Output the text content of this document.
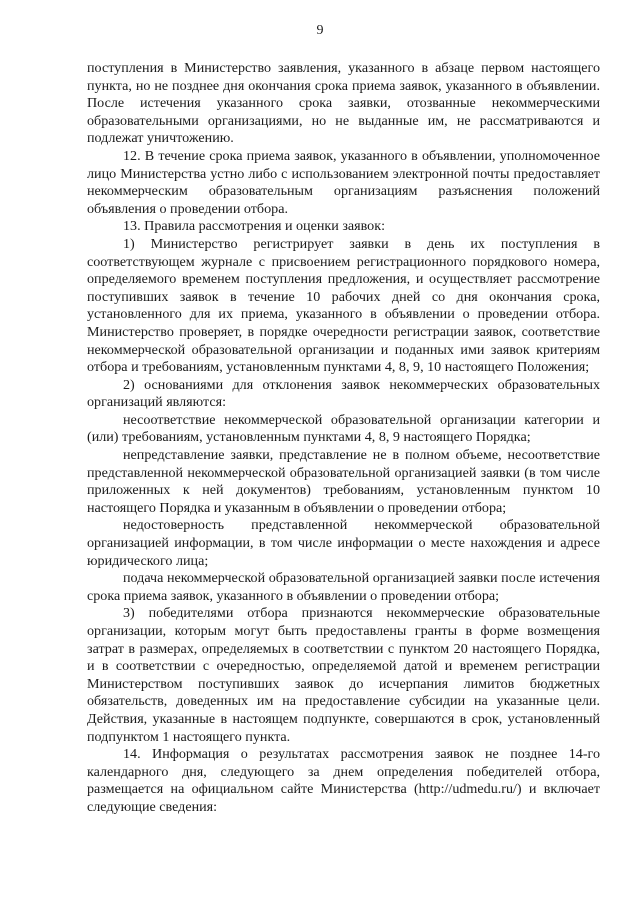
9

поступления в Министерство заявления, указанного в абзаце первом настоящего пункта, но не позднее дня окончания срока приема заявок, указанного в объявлении. После истечения указанного срока заявки, отозванные некоммерческими образовательными организациями, но не выданные им, не рассматриваются и подлежат уничтожению.

12. В течение срока приема заявок, указанного в объявлении, уполномоченное лицо Министерства устно либо с использованием электронной почты предоставляет некоммерческим образовательным организациям разъяснения положений объявления о проведении отбора.

13. Правила рассмотрения и оценки заявок:

1) Министерство регистрирует заявки в день их поступления в соответствующем журнале с присвоением регистрационного порядкового номера, определяемого временем поступления предложения, и осуществляет рассмотрение поступивших заявок в течение 10 рабочих дней со дня окончания срока, установленного для их приема, указанного в объявлении о проведении отбора. Министерство проверяет, в порядке очередности регистрации заявок, соответствие некоммерческой образовательной организации и поданных ими заявок критериям отбора и требованиям, установленным пунктами 4, 8, 9, 10 настоящего Положения;

2) основаниями для отклонения заявок некоммерческих образовательных организаций являются:

несоответствие некоммерческой образовательной организации категории и (или) требованиям, установленным пунктами 4, 8, 9 настоящего Порядка;

непредставление заявки, представление не в полном объеме, несоответствие представленной некоммерческой образовательной организацией заявки (в том числе приложенных к ней документов) требованиям, установленным пунктом 10 настоящего Порядка и указанным в объявлении о проведении отбора;

недостоверность представленной некоммерческой образовательной организацией информации, в том числе информации о месте нахождения и адресе юридического лица;

подача некоммерческой образовательной организацией заявки после истечения срока приема заявок, указанного в объявлении о проведении отбора;

3) победителями отбора признаются некоммерческие образовательные организации, которым могут быть предоставлены гранты в форме возмещения затрат в размерах, определяемых в соответствии с пунктом 20 настоящего Порядка, и в соответствии с очередностью, определяемой датой и временем регистрации Министерством поступивших заявок до исчерпания лимитов бюджетных обязательств, доведенных им на предоставление субсидии на указанные цели. Действия, указанные в настоящем подпункте, совершаются в срок, установленный подпунктом 1 настоящего пункта.

14. Информация о результатах рассмотрения заявок не позднее 14-го календарного дня, следующего за днем определения победителей отбора, размещается на официальном сайте Министерства (http://udmedu.ru/) и включает следующие сведения:
